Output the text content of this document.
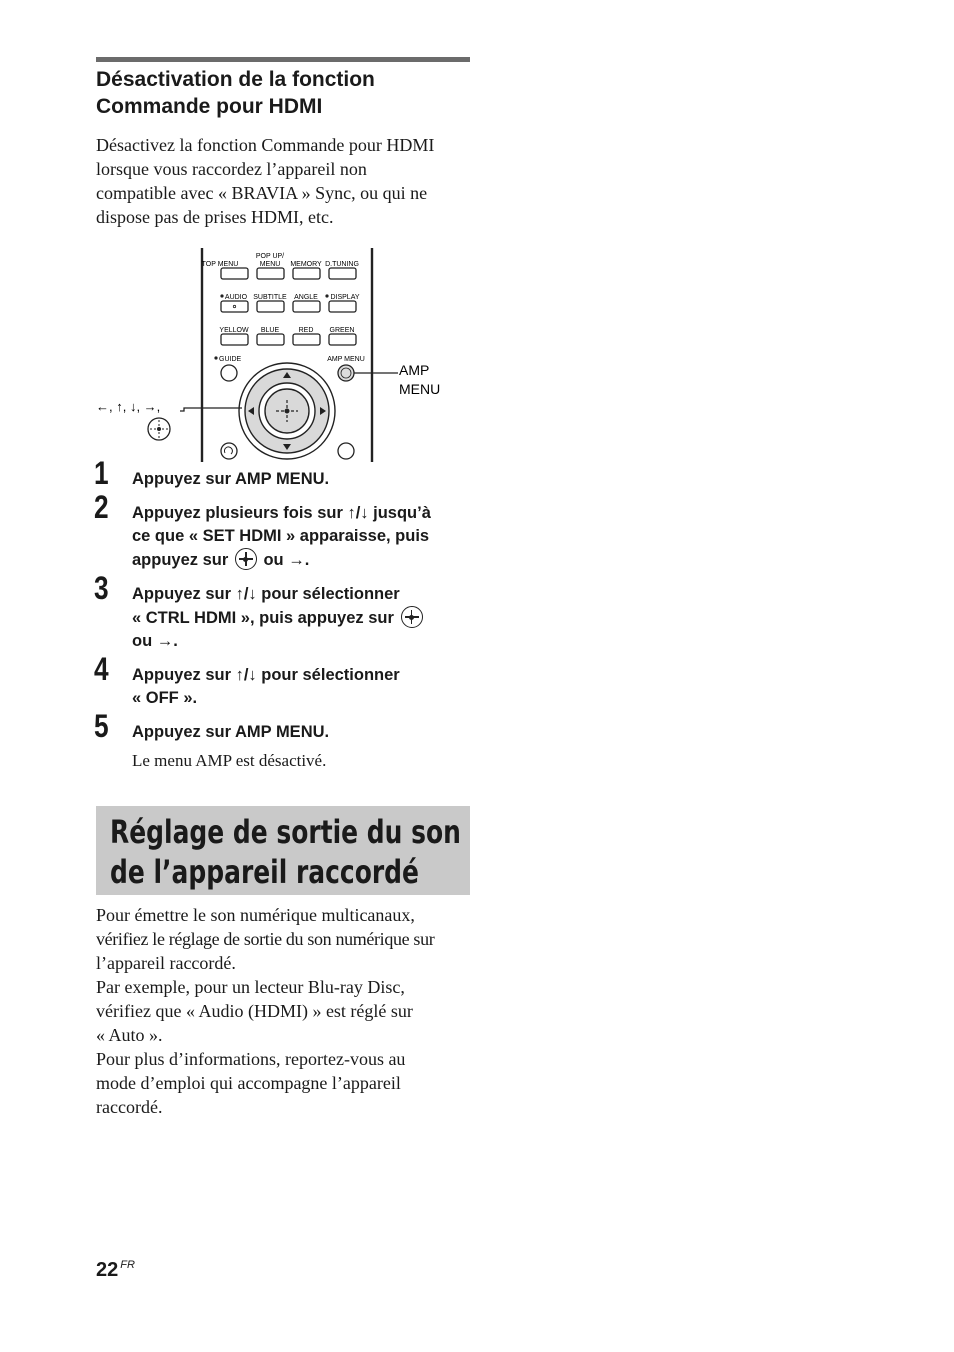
Désactivation de la fonction
Commande pour HDMI

Désactivez la fonction Commande pour HDMI
lorsque vous raccordez l’appareil non
compatible avec « BRAVIA » Sync, ou qui ne
dispose pas de prises HDMI, etc.

TOP MENU
POP UP/
MENU MEMORY D.TUNING
AUDIO SUBTITLE ANGLE DISPLAY
YELLOW BLUE	RED GREEN
GUIDE	AMP MENU
AMP
MENU
←, ↑, ↓, →,
1 Appuyez sur AMP MENU.
2 Appuyez plusieurs fois sur ↑/↓ jusqu’à
ce que « SET HDMI » apparaisse, puis
appuyez sur ou →.
3 Appuyez sur ↑/↓ pour sélectionner
« CTRL HDMI », puis appuyez sur

ou →.
4 Appuyez sur ↑/↓ pour sélectionner
« OFF ».
5 Appuyez sur AMP MENU.
Le menu AMP est désactivé.
Réglage de sortie du son
de l’appareil raccordé

Pour émettre le son numérique multicanaux,
vérifiez le réglage de sortie du son numérique sur
l’appareil raccordé.
Par exemple, pour un lecteur Blu-ray Disc,
vérifiez que « Audio (HDMI) » est réglé sur
« Auto ».
Pour plus d’informations, reportez-vous au
mode d’emploi qui accompagne l’appareil
raccordé.

22 $^{FR}$
